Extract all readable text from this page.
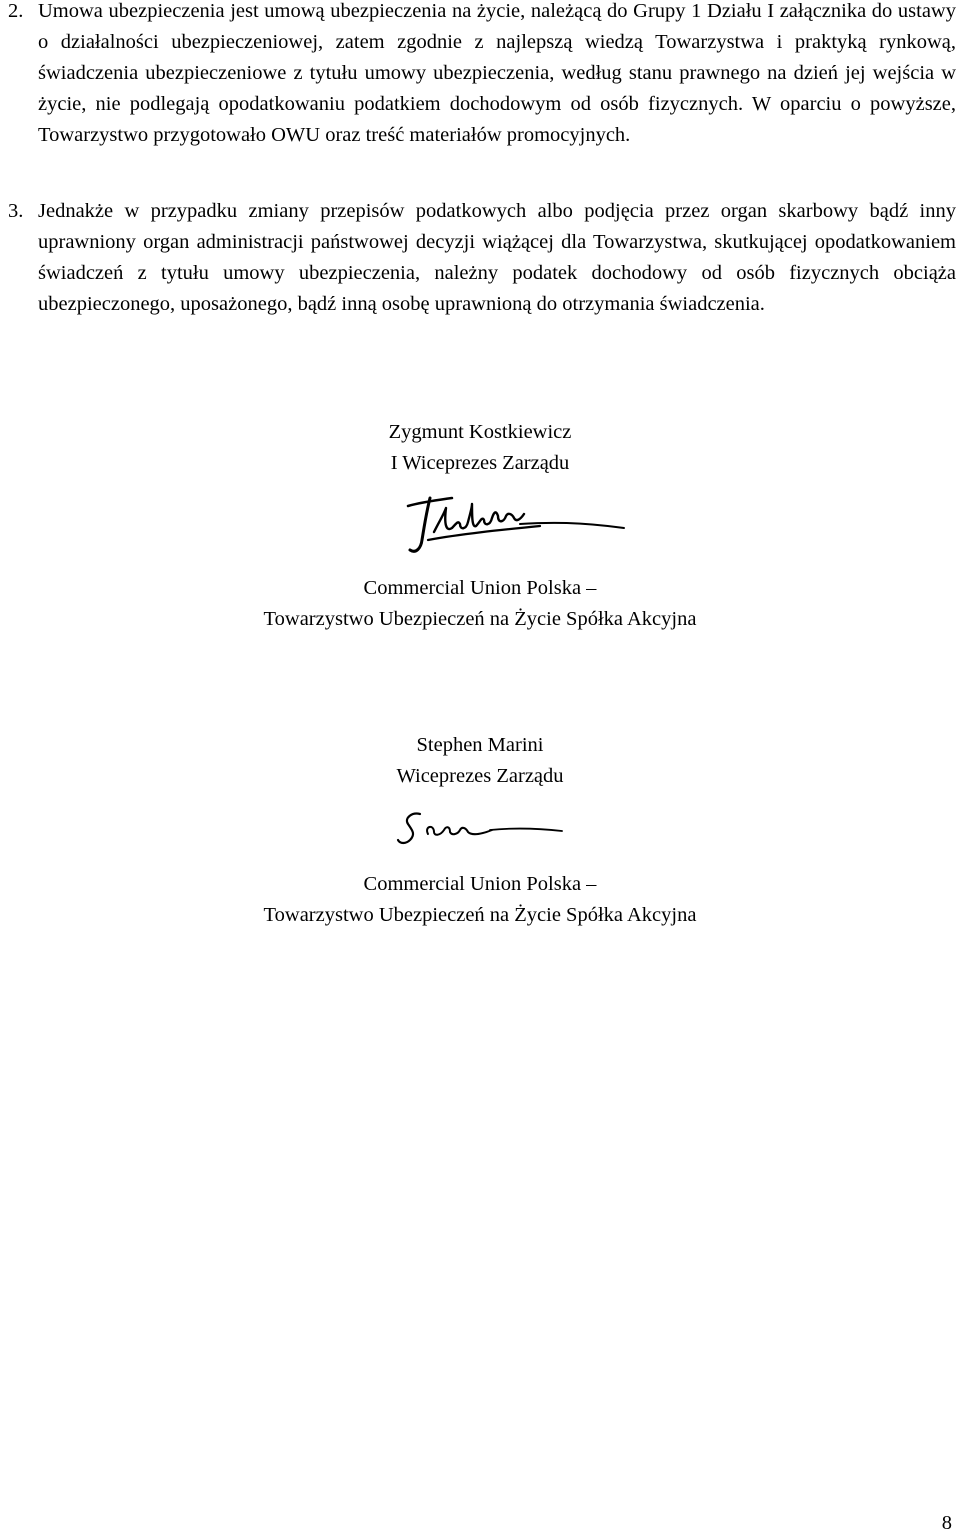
2. Umowa ubezpieczenia jest umową ubezpieczenia na życie, należącą do Grupy 1 Działu I załącznika do ustawy o działalności ubezpieczeniowej, zatem zgodnie z najlepszą wiedzą Towarzystwa i praktyką rynkową, świadczenia ubezpieczeniowe z tytułu umowy ubezpieczenia, według stanu prawnego na dzień jej wejścia w życie, nie podlegają opodatkowaniu podatkiem dochodowym od osób fizycznych. W oparciu o powyższe, Towarzystwo przygotowało OWU oraz treść materiałów promocyjnych.
3. Jednakże w przypadku zmiany przepisów podatkowych albo podjęcia przez organ skarbowy bądź inny uprawniony organ administracji państwowej decyzji wiążącej dla Towarzystwa, skutkującej opodatkowaniem świadczeń z tytułu umowy ubezpieczenia, należny podatek dochodowy od osób fizycznych obciąża ubezpieczonego, uposażonego, bądź inną osobę uprawnioną do otrzymania świadczenia.
Zygmunt Kostkiewicz
I Wiceprezes Zarządu
Commercial Union Polska –
Towarzystwo Ubezpieczeń na Życie Spółka Akcyjna
Stephen Marini
Wiceprezes Zarządu
Commercial Union Polska –
Towarzystwo Ubezpieczeń na Życie Spółka Akcyjna
8
